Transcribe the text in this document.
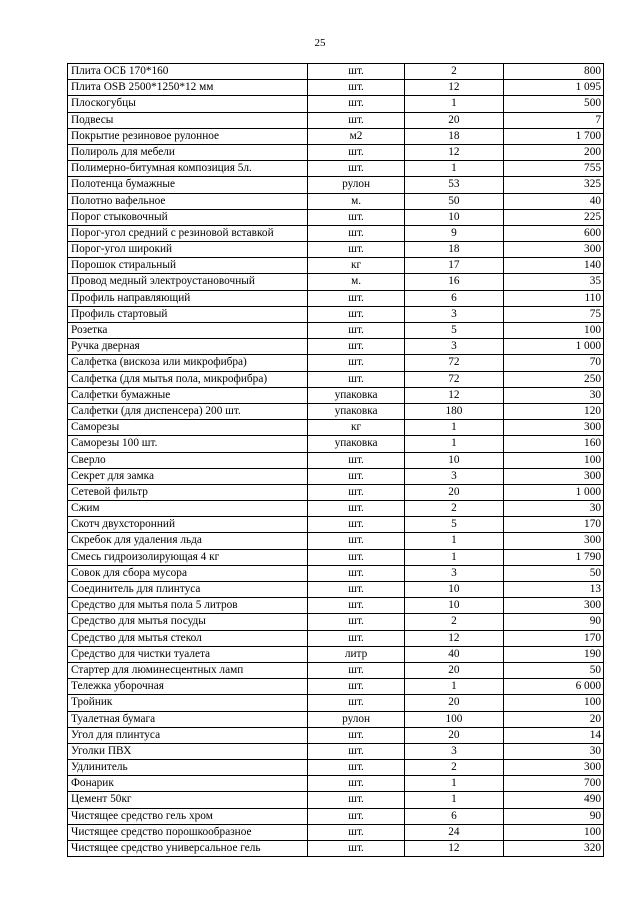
25
Плита ОСБ 170*160	шт.	2	800
Плита OSB 2500*1250*12 мм	шт.	12	1 095
Плоскогубцы	шт.	1	500
Подвесы	шт.	20	7
Покрытие резиновое рулонное	м2	18	1 700
Полироль для мебели	шт.	12	200
Полимерно-битумная композиция 5л.	шт.	1	755
Полотенца бумажные	рулон	53	325
Полотно вафельное	м.	50	40
Порог стыковочный	шт.	10	225
Порог-угол средний с резиновой вставкой	шт.	9	600
Порог-угол широкий	шт.	18	300
Порошок стиральный	кг	17	140
Провод медный электроустановочный	м.	16	35
Профиль направляющий	шт.	6	110
Профиль стартовый	шт.	3	75
Розетка	шт.	5	100
Ручка дверная	шт.	3	1 000
Салфетка (вискоза или микрофибра)	шт.	72	70
Салфетка (для мытья пола, микрофибра)	шт.	72	250
Салфетки бумажные	упаковка	12	30
Салфетки (для диспенсера) 200 шт.	упаковка	180	120
Саморезы	кг	1	300
Саморезы 100 шт.	упаковка	1	160
Сверло	шт.	10	100
Секрет для замка	шт.	3	300
Сетевой фильтр	шт.	20	1 000
Сжим	шт.	2	30
Скотч двухсторонний	шт.	5	170
Скребок для удаления льда	шт.	1	300
Смесь гидроизолирующая 4 кг	шт.	1	1 790
Совок для сбора мусора	шт.	3	50
Соединитель для плинтуса	шт.	10	13
Средство для мытья пола 5 литров	шт.	10	300
Средство для мытья посуды	шт.	2	90
Средство для мытья стекол	шт.	12	170
Средство для чистки туалета	литр	40	190
Стартер для люминесцентных ламп	шт.	20	50
Тележка уборочная	шт.	1	6 000
Тройник	шт.	20	100
Туалетная бумага	рулон	100	20
Угол для плинтуса	шт.	20	14
Уголки ПВХ	шт.	3	30
Удлинитель	шт.	2	300
Фонарик	шт.	1	700
Цемент 50кг	шт.	1	490
Чистящее средство гель хром	шт.	6	90
Чистящее средство порошкообразное	шт.	24	100
Чистящее средство универсальное гель	шт.	12	320
